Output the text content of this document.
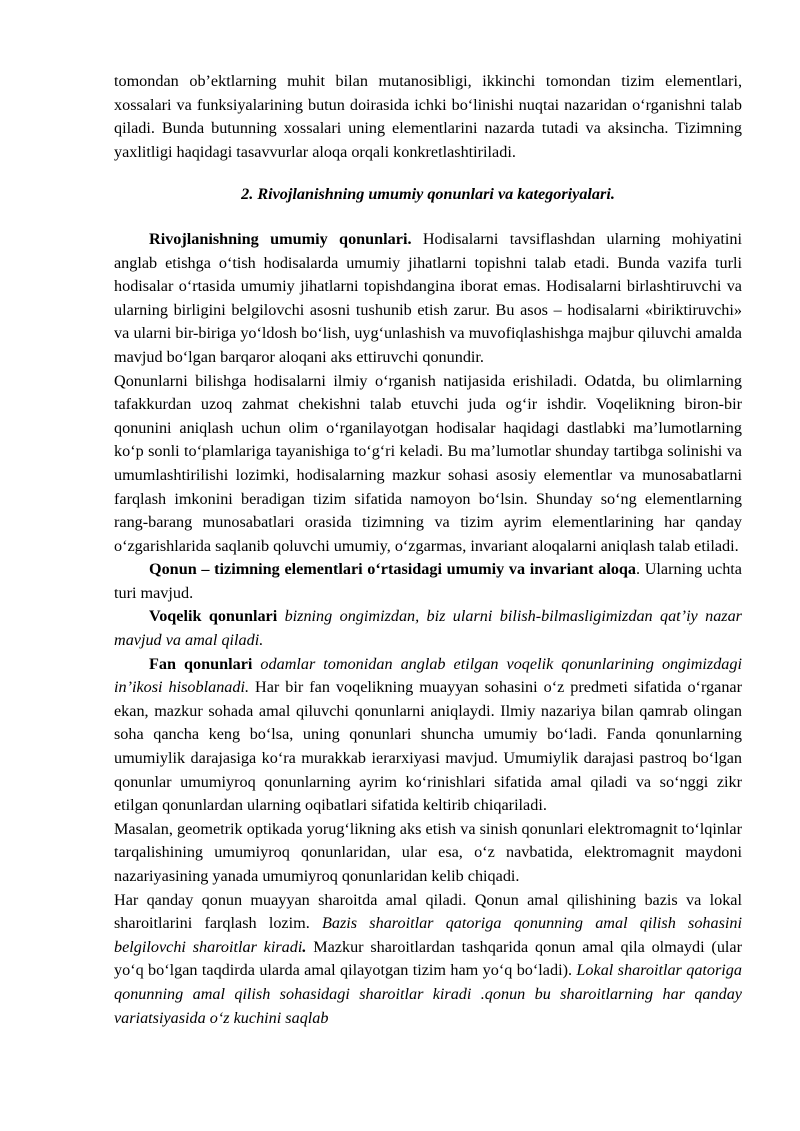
tomondan ob’ektlarning muhit bilan mutanosibligi, ikkinchi tomondan tizim elementlari, xossalari va funksiyalarining butun doirasida ichki bo‘linishi nuqtai nazaridan o‘rganishni talab qiladi. Bunda butunning xossalari uning elementlarini nazarda tutadi va aksincha. Tizimning yaxlitligi haqidagi tasavvurlar aloqa orqali konkretlashtiriladi.

2. Rivojlanishning umumiy qonunlari va kategoriyalari.

Rivojlanishning umumiy qonunlari. Hodisalarni tavsiflashdan ularning mohiyatini anglab etishga o‘tish hodisalarda umumiy jihatlarni topishni talab etadi. Bunda vazifa turli hodisalar o‘rtasida umumiy jihatlarni topishdangina iborat emas. Hodisalarni birlashtiruvchi va ularning birligini belgilovchi asosni tushunib etish zarur. Bu asos – hodisalarni «biriktiruvchi» va ularni bir-biriga yo‘ldosh bo‘lish, uyg‘unlashish va muvofiqlashishga majbur qiluvchi amalda mavjud bo‘lgan barqaror aloqani aks ettiruvchi qonundir.

Qonunlarni bilishga hodisalarni ilmiy o‘rganish natijasida erishiladi. Odatda, bu olimlarning tafakkurdan uzoq zahmat chekishni talab etuvchi juda og‘ir ishdir. Voqelikning biron-bir qonunini aniqlash uchun olim o‘rganilayotgan hodisalar haqidagi dastlabki ma’lumotlarning ko‘p sonli to‘plamlariga tayanishiga to‘g‘ri keladi. Bu ma’lumotlar shunday tartibga solinishi va umumlashtirilishi lozimki, hodisalarning mazkur sohasi asosiy elementlar va munosabatlarni farqlash imkonini beradigan tizim sifatida namoyon bo‘lsin. Shunday so‘ng elementlarning rang-barang munosabatlari orasida tizimning va tizim ayrim elementlarining har qanday o‘zgarishlarida saqlanib qoluvchi umumiy, o‘zgarmas, invariant aloqalarni aniqlash talab etiladi.

Qonun – tizimning elementlari o‘rtasidagi umumiy va invariant aloqa. Ularning uchta turi mavjud.

Voqelik qonunlari bizning ongimizdan, biz ularni bilish-bilmasligimizdan qat’iy nazar mavjud va amal qiladi.

Fan qonunlari odamlar tomonidan anglab etilgan voqelik qonunlarining ongimizdagi in’ikosi hisoblanadi. Har bir fan voqelikning muayyan sohasini o‘z predmeti sifatida o‘rganar ekan, mazkur sohada amal qiluvchi qonunlarni aniqlaydi. Ilmiy nazariya bilan qamrab olingan soha qancha keng bo‘lsa, uning qonunlari shuncha umumiy bo‘ladi. Fanda qonunlarning umumiylik darajasiga ko‘ra murakkab ierarxiyasi mavjud. Umumiylik darajasi pastroq bo‘lgan qonunlar umumiyroq qonunlarning ayrim ko‘rinishlari sifatida amal qiladi va so‘nggi zikr etilgan qonunlardan ularning oqibatlari sifatida keltirib chiqariladi.

Masalan, geometrik optikada yorug‘likning aks etish va sinish qonunlari elektromagnit to‘lqinlar tarqalishining umumiyroq qonunlaridan, ular esa, o‘z navbatida, elektromagnit maydoni nazariyasining yanada umumiyroq qonunlaridan kelib chiqadi.

Har qanday qonun muayyan sharoitda amal qiladi. Qonun amal qilishining bazis va lokal sharoitlarini farqlash lozim. Bazis sharoitlar qatoriga qonunning amal qilish sohasini belgilovchi sharoitlar kiradi. Mazkur sharoitlardan tashqarida qonun amal qila olmaydi (ular yo‘q bo‘lgan taqdirda ularda amal qilayotgan tizim ham yo‘q bo‘ladi). Lokal sharoitlar qatoriga qonunning amal qilish sohasidagi sharoitlar kiradi .qonun bu sharoitlarning har qanday variatsiyasida o‘z kuchini saqlab
